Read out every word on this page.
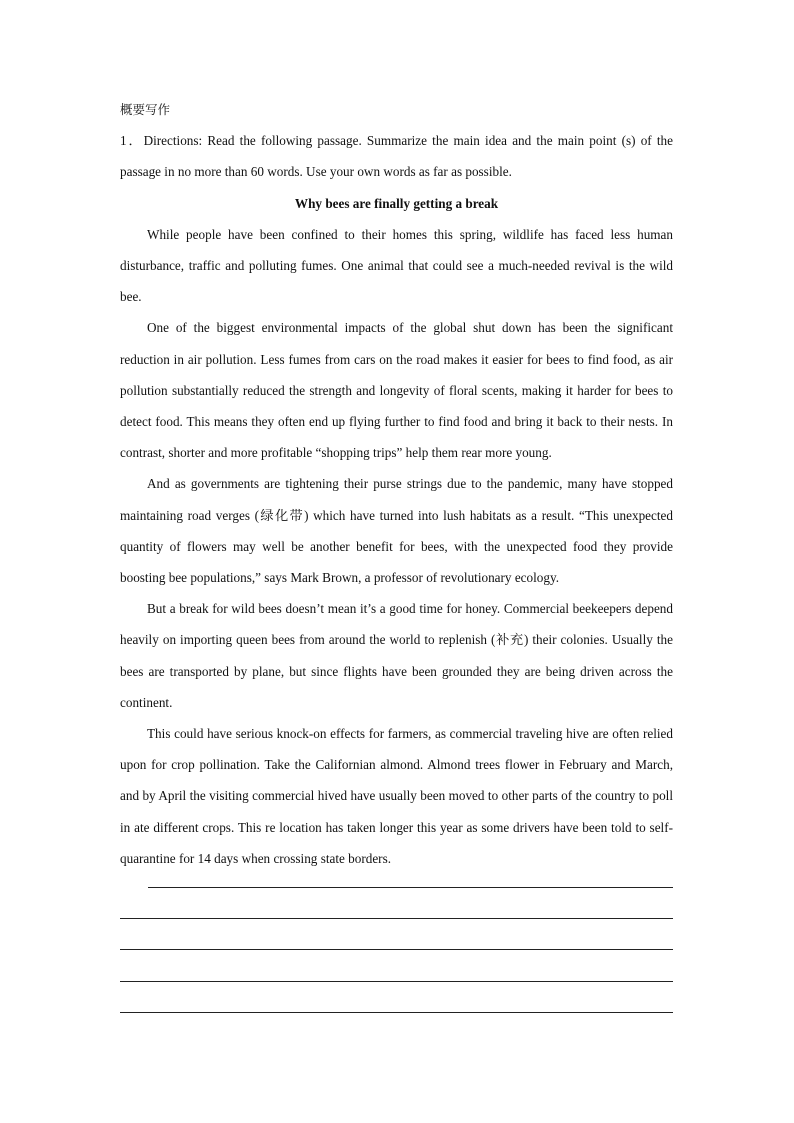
概要写作

1．Directions: Read the following passage. Summarize the main idea and the main point (s) of the passage in no more than 60 words. Use your own words as far as possible.

Why bees are finally getting a break

While people have been confined to their homes this spring, wildlife has faced less human disturbance, traffic and polluting fumes. One animal that could see a much-needed revival is the wild bee.

One of the biggest environmental impacts of the global shut down has been the significant reduction in air pollution. Less fumes from cars on the road makes it easier for bees to find food, as air pollution substantially reduced the strength and longevity of floral scents, making it harder for bees to detect food. This means they often end up flying further to find food and bring it back to their nests. In contrast, shorter and more profitable “shopping trips” help them rear more young.

And as governments are tightening their purse strings due to the pandemic, many have stopped maintaining road verges (绿化带) which have turned into lush habitats as a result. “This unexpected quantity of flowers may well be another benefit for bees, with the unexpected food they provide boosting bee populations,” says Mark Brown, a professor of revolutionary ecology.

But a break for wild bees doesn’t mean it’s a good time for honey. Commercial beekeepers depend heavily on importing queen bees from around the world to replenish (补充) their colonies. Usually the bees are transported by plane, but since flights have been grounded they are being driven across the continent.

This could have serious knock-on effects for farmers, as commercial traveling hive are often relied upon for crop pollination. Take the Californian almond. Almond trees flower in February and March, and by April the visiting commercial hived have usually been moved to other parts of the country to poll in ate different crops. This re location has taken longer this year as some drivers have been told to self-quarantine for 14 days when crossing state borders.
